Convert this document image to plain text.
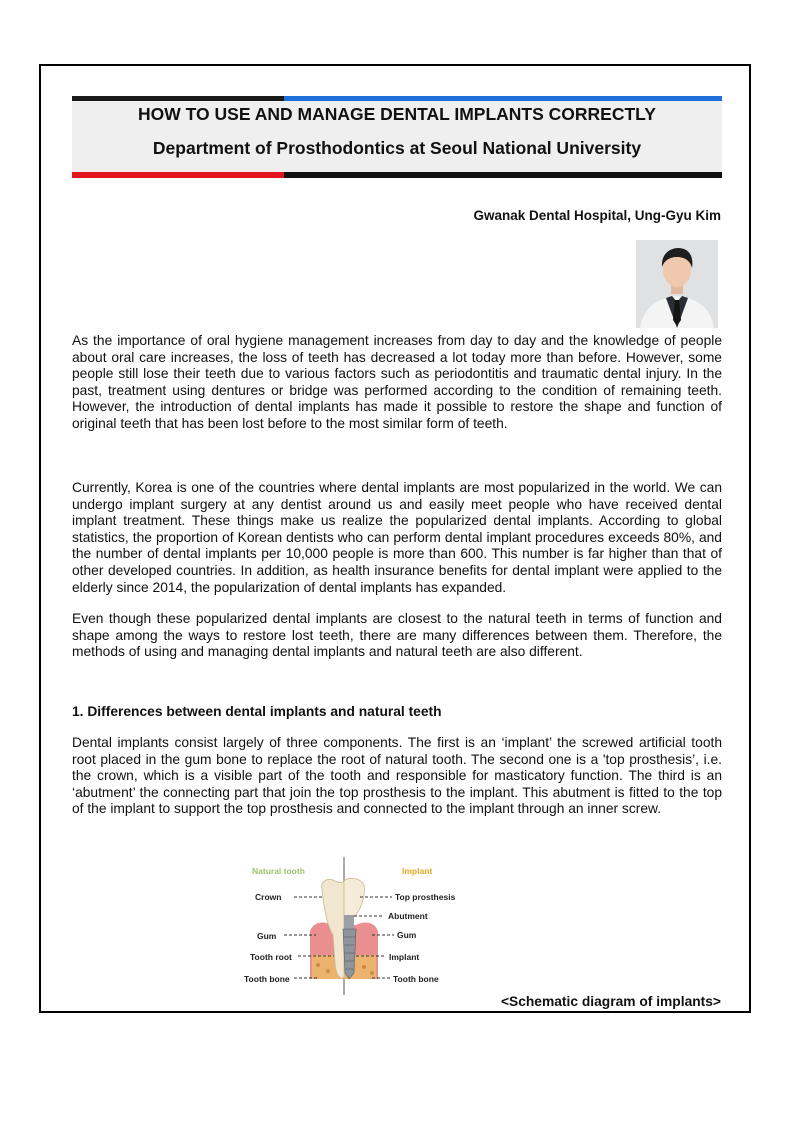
HOW TO USE AND MANAGE DENTAL IMPLANTS CORRECTLY
Department of Prosthodontics at Seoul National University
Gwanak Dental Hospital, Ung-Gyu Kim

As the importance of oral hygiene management increases from day to day and the knowledge of people about oral care increases, the loss of teeth has decreased a lot today more than before. However, some people still lose their teeth due to various factors such as periodontitis and traumatic dental injury. In the past, treatment using dentures or bridge was performed according to the condition of remaining teeth. However, the introduction of dental implants has made it possible to restore the shape and function of original teeth that has been lost before to the most similar form of teeth.

Currently, Korea is one of the countries where dental implants are most popularized in the world. We can undergo implant surgery at any dentist around us and easily meet people who have received dental implant treatment. These things make us realize the popularized dental implants. According to global statistics, the proportion of Korean dentists who can perform dental implant procedures exceeds 80%, and the number of dental implants per 10,000 people is more than 600. This number is far higher than that of other developed countries. In addition, as health insurance benefits for dental implant were applied to the elderly since 2014, the popularization of dental implants has expanded.

Even though these popularized dental implants are closest to the natural teeth in terms of function and shape among the ways to restore lost teeth, there are many differences between them. Therefore, the methods of using and managing dental implants and natural teeth are also different.

1. Differences between dental implants and natural teeth

Dental implants consist largely of three components. The first is an ‘implant’ the screwed artificial tooth root placed in the gum bone to replace the root of natural tooth. The second one is a 'top prosthesis’, i.e. the crown, which is a visible part of the tooth and responsible for masticatory function. The third is an ‘abutment’ the connecting part that join the top prosthesis to the implant. This abutment is fitted to the top of the implant to support the top prosthesis and connected to the implant through an inner screw.

Natural tooth	Implant
Crown
Gum
Tooth root
Tooth bone
Top prosthesis
Abutment
Gum
Implant
Tooth bone
<Schematic diagram of implants>
